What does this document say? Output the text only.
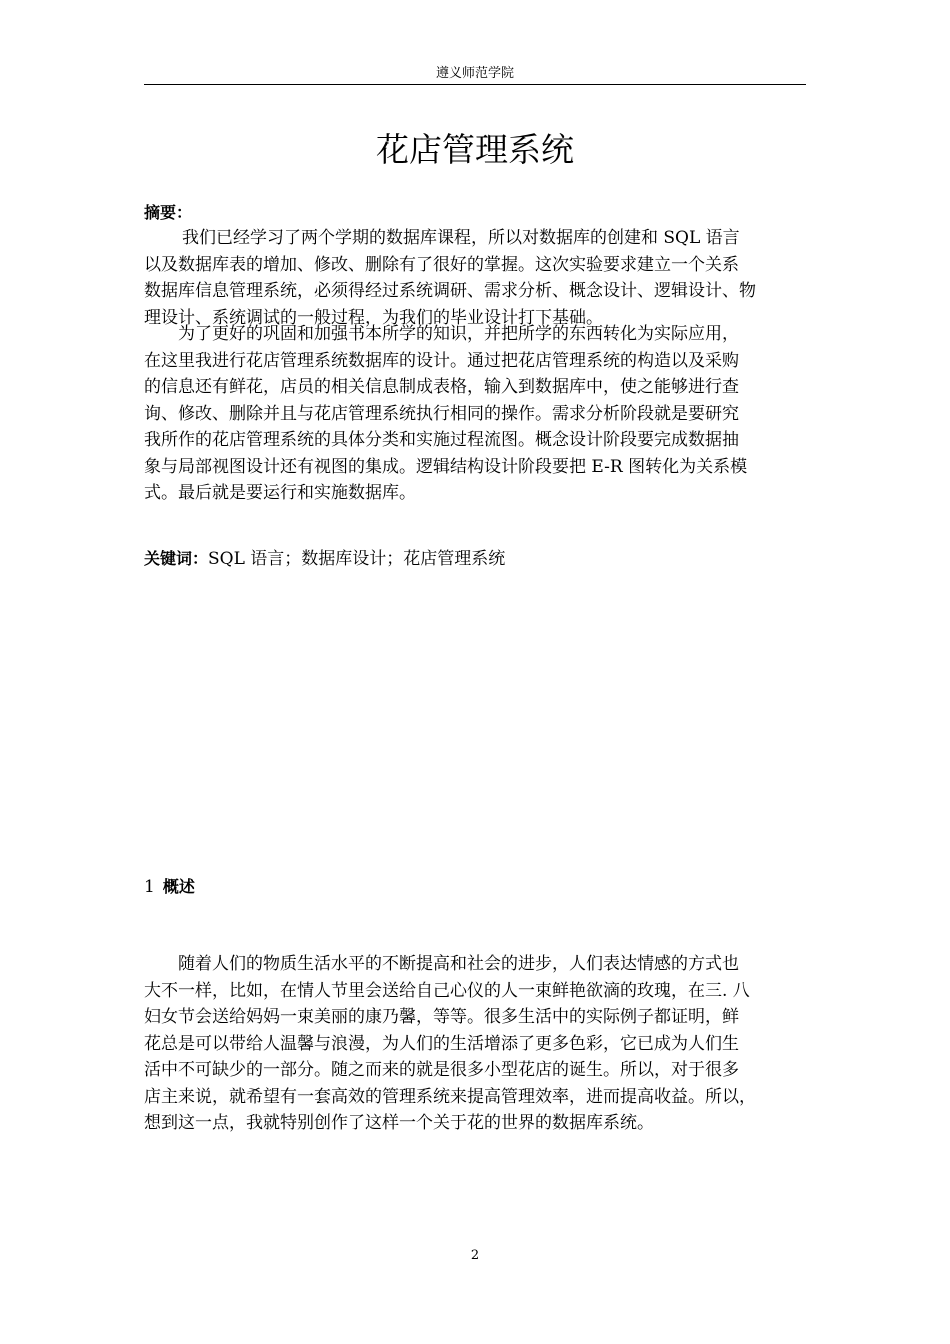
遵义师范学院
花店管理系统
摘要：
我们已经学习了两个学期的数据库课程，所以对数据库的创建和 SQL 语言
以及数据库表的增加、修改、删除有了很好的掌握。这次实验要求建立一个关系
数据库信息管理系统，必须得经过系统调研、需求分析、概念设计、逻辑设计、物
理设计、系统调试的一般过程，为我们的毕业设计打下基础。
为了更好的巩固和加强书本所学的知识，并把所学的东西转化为实际应用，
在这里我进行花店管理系统数据库的设计。通过把花店管理系统的构造以及采购
的信息还有鲜花，店员的相关信息制成表格，输入到数据库中，使之能够进行查
询、修改、删除并且与花店管理系统执行相同的操作。需求分析阶段就是要研究
我所作的花店管理系统的具体分类和实施过程流图。概念设计阶段要完成数据抽
象与局部视图设计还有视图的集成。逻辑结构设计阶段要把 E-R 图转化为关系模
式。最后就是要运行和实施数据库。
关键词：SQL 语言；数据库设计；花店管理系统
1 概述
随着人们的物质生活水平的不断提高和社会的进步，人们表达情感的方式也
大不一样，比如，在情人节里会送给自己心仪的人一束鲜艳欲滴的玫瑰，在三. 八
妇女节会送给妈妈一束美丽的康乃馨，等等。很多生活中的实际例子都证明，鲜
花总是可以带给人温馨与浪漫，为人们的生活增添了更多色彩，它已成为人们生
活中不可缺少的一部分。随之而来的就是很多小型花店的诞生。所以，对于很多
店主来说，就希望有一套高效的管理系统来提高管理效率，进而提高收益。所以，
想到这一点，我就特别创作了这样一个关于花的世界的数据库系统。
2
